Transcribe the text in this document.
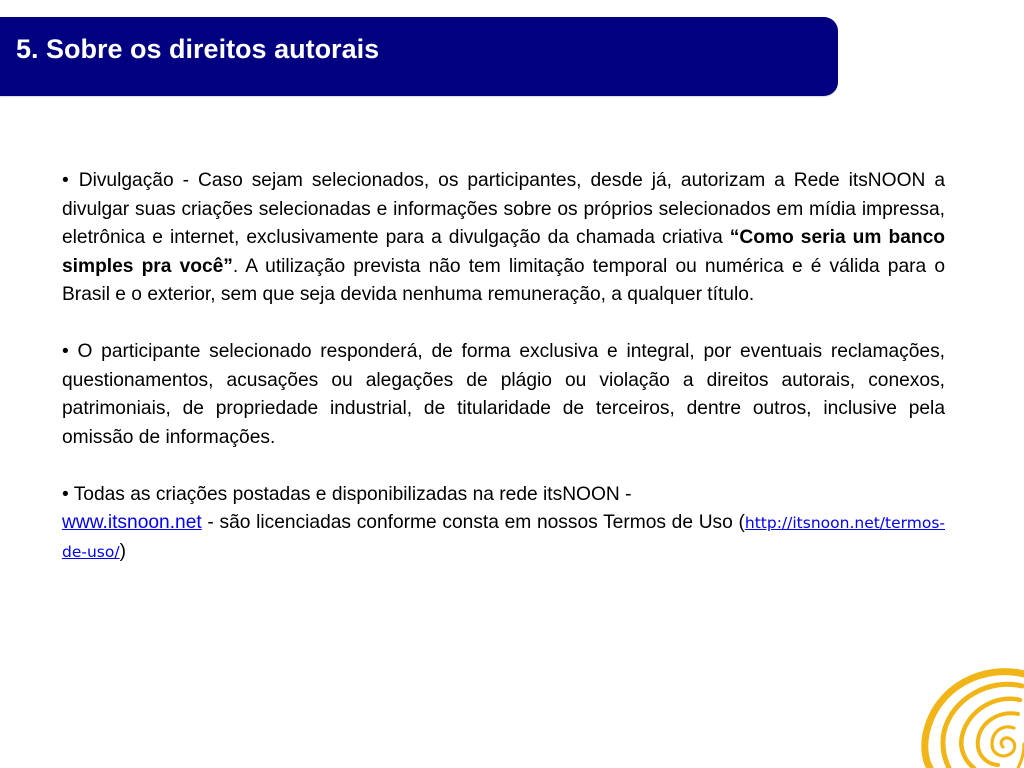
5. Sobre os direitos autorais

• Divulgação - Caso sejam selecionados, os participantes, desde já, autorizam a Rede itsNOON a divulgar suas criações selecionadas e informações sobre os próprios selecionados em mídia impressa, eletrônica e internet, exclusivamente para a divulgação da chamada criativa “Como seria um banco simples pra você”. A utilização prevista não tem limitação temporal ou numérica e é válida para o Brasil e o exterior, sem que seja devida nenhuma remuneração, a qualquer título.

• O participante selecionado responderá, de forma exclusiva e integral, por eventuais reclamações, questionamentos, acusações ou alegações de plágio ou violação a direitos autorais, conexos, patrimoniais, de propriedade industrial, de titularidade de terceiros, dentre outros, inclusive pela omissão de informações.

• Todas as criações postadas e disponibilizadas na rede itsNOON -
www.itsnoon.net - são licenciadas conforme consta em nossos Termos de Uso (http://itsnoon.net/termos-de-uso/)
